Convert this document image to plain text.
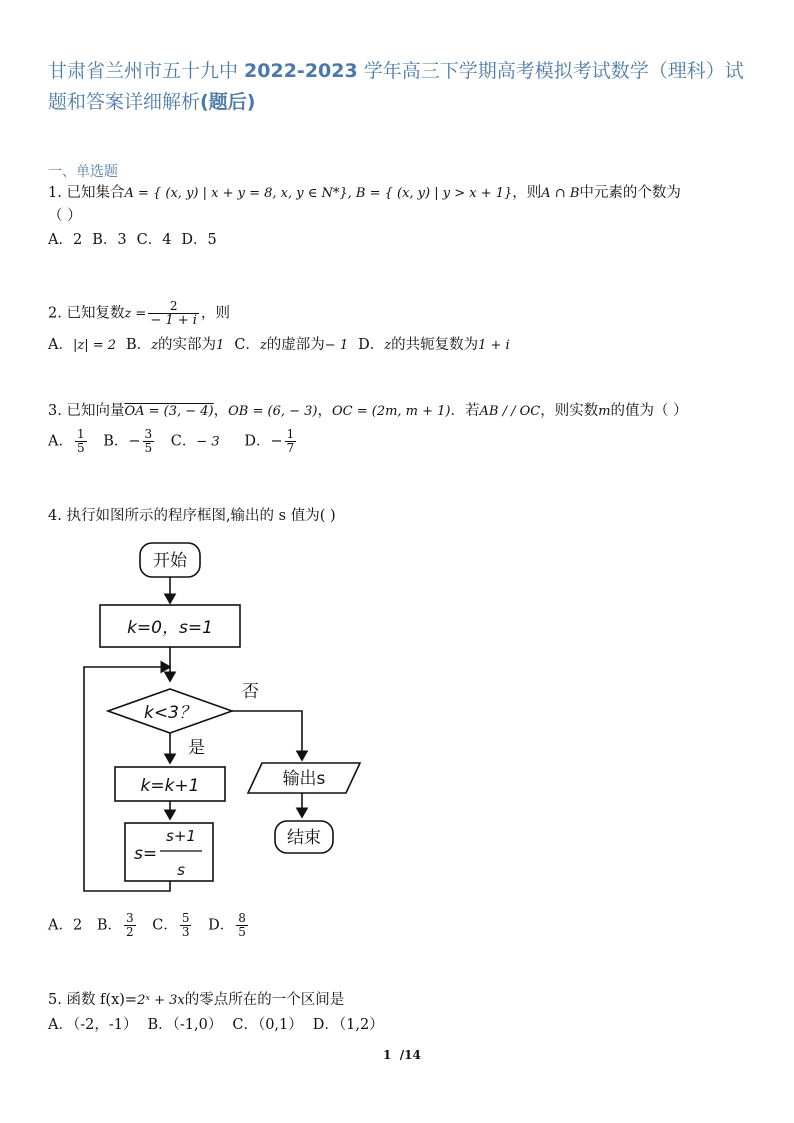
甘肃省兰州市五十九中 2022-2023 学年高三下学期高考模拟考试数学（理科）试题和答案详细解析(题后)
一、单选题
1. 已知集合A = { (x, y) | x + y = 8, x, y ∈ N*}, B = { (x, y) | y > x + 1}，则A ∩ B中元素的个数为
（ ）
A．2 B．3 C．4 D．5
2. 已知复数$z = \frac{2}{- 1 + i}$ ，则
A．|z| = 2 B．z的实部为1 C．z的虚部为− 1 D．z的共轭复数为1 + i
3. 已知向量OA = (3, − 4)，OB = (6, − 3)，OC = (2m, m + 1)．若AB / / OC，则实数m的值为（ ）
A． $\frac{1}{5}$ B．− $\frac{3}{5}$ C．− 3 D．− $\frac{1}{7}$
4. 执行如图所示的程序框图,输出的 s 值为( )
开始
k=0，s=1
k<3？
否
是
k=k+1
s=
s+1
s
输出s
结束
A．2 B． $\frac{3}{2}$ C． $\frac{5}{3}$ D． $\frac{8}{5}$
5. 函数 f(x)=2ˣ + 3x的零点所在的一个区间是
A．（-2，-1） B．（-1,0） C．（0,1） D．（1,2）
1  /14
